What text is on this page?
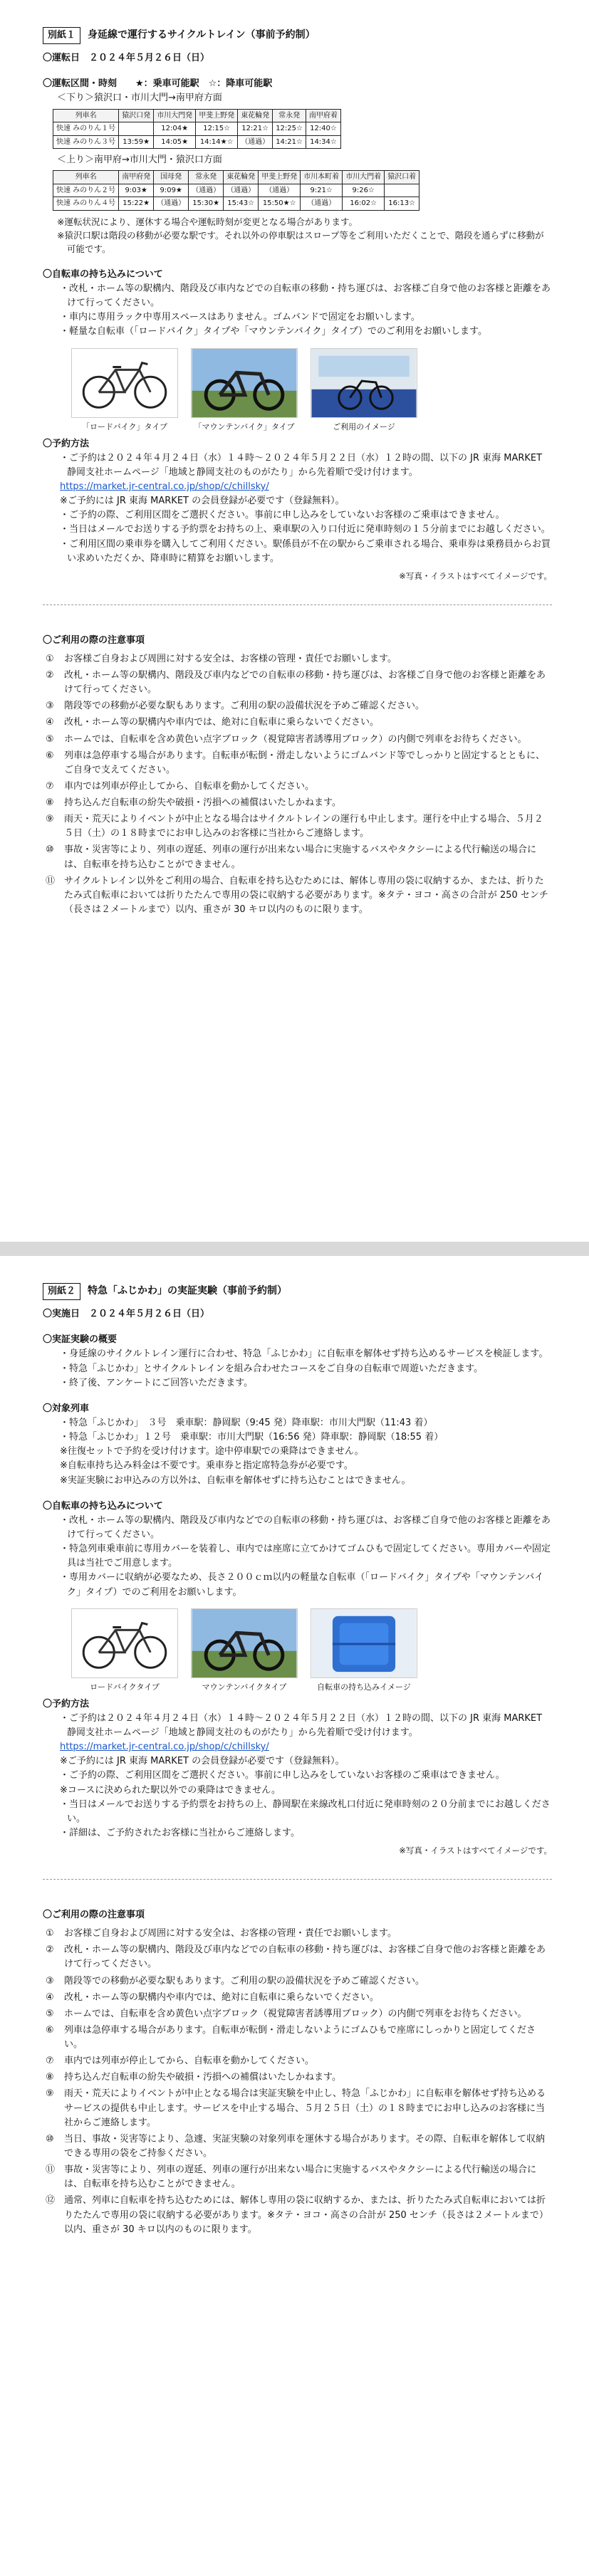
別紙１	身延線で運行するサイクルトレイン（事前予約制）
〇運転日　２０２４年５月２６日（日）
〇運転区間・時刻　　★：乗車可能駅　☆：降車可能駅
＜下り＞猿沢口・市川大門→南甲府方面
列車名	猿沢口発	市川大門発	甲斐上野発	東花輪発	常永発	南甲府着
快速 みのりん１号		12:04★	12:15☆	12:21☆	12:25☆	12:40☆
快速 みのりん３号	13:59★	14:05★	14:14★☆	（通過）	14:21☆	14:34☆
＜上り＞南甲府→市川大門・猿沢口方面
列車名	南甲府発	国母発	常永発	東花輪発	甲斐上野発	市川本町着	市川大門着	猿沢口着
快速 みのりん２号	9:03★	9:09★	（通過）	（通過）	（通過）	9:21☆	9:26☆	
快速 みのりん４号	15:22★	（通過）	15:30★	15:43☆	15:50★☆	（通過）	16:02☆	16:13☆
※運転状況により、運休する場合や運転時刻が変更となる場合があります。
※猿沢口駅は階段の移動が必要な駅です。それ以外の停車駅はスロープ等をご利用いただくことで、階段を通らずに移動が可能です。
〇自転車の持ち込みについて
・改札・ホーム等の駅構内、階段及び車内などでの自転車の移動・持ち運びは、お客様ご自身で他のお客様と距離をあけて行ってください。
・車内に専用ラック中専用スペースはありません。ゴムバンドで固定をお願いします。
・軽量な自転車（「ロードバイク」タイプや「マウンテンバイク」タイプ）でのご利用をお願いします。
「ロードバイク」タイプ	「マウンテンバイク」タイプ	ご利用のイメージ
〇予約方法
・ご予約は２０２４年４月２４日（水）１４時～２０２４年５月２２日（水）１２時の間、以下の JR 東海 MARKET　静岡支社ホームページ「地域と静岡支社のものがたり」から先着順で受け付けます。
https://market.jr-central.co.jp/shop/c/chillsky/
※ご予約には JR 東海 MARKET の会員登録が必要です（登録無料）。
・ご予約の際、ご利用区間をご選択ください。事前に申し込みをしていないお客様のご乗車はできません。
・当日はメールでお送りする予約票をお持ちの上、乗車駅の入り口付近に発車時刻の１５分前までにお越しください。
・ご利用区間の乗車券を購入してご利用ください。駅係員が不在の駅からご乗車される場合、乗車券は乗務員からお買い求めいただくか、降車時に精算をお願いします。
※写真・イラストはすべてイメージです。
〇ご利用の際の注意事項
①	お客様ご自身および周囲に対する安全は、お客様の管理・責任でお願いします。
②	改札・ホーム等の駅構内、階段及び車内などでの自転車の移動・持ち運びは、お客様ご自身で他のお客様と距離をあけて行ってください。
③	階段等での移動が必要な駅もあります。ご利用の駅の設備状況を予めご確認ください。
④	改札・ホーム等の駅構内や車内では、絶対に自転車に乗らないでください。
⑤	ホームでは、自転車を含め黄色い点字ブロック（視覚障害者誘導用ブロック）の内側で列車をお待ちください。
⑥	列車は急停車する場合があります。自転車が転倒・滑走しないようにゴムバンド等でしっかりと固定するとともに、ご自身で支えてください。
⑦	車内では列車が停止してから、自転車を動かしてください。
⑧	持ち込んだ自転車の紛失や破損・汚損への補償はいたしかねます。
⑨	雨天・荒天によりイベントが中止となる場合はサイクルトレインの運行も中止します。運行を中止する場合、５月２５日（土）の１８時までにお申し込みのお客様に当社からご連絡します。
⑩	事故・災害等により、列車の遅延、列車の運行が出来ない場合に実施するバスやタクシーによる代行輸送の場合には、自転車を持ち込むことができません。
⑪ サイクルトレイン以外をご利用の場合、自転車を持ち込むためには、解体し専用の袋に収納するか、または、折りたたみ式自転車においては折りたたんで専用の袋に収納する必要があります。※タテ・ヨコ・高さの合計が 250 センチ（長さは２メートルまで）以内、重さが 30 キロ以内のものに限ります。
別紙２	特急「ふじかわ」の実証実験（事前予約制）
〇実施日　２０２４年５月２６日（日）
〇実証実験の概要
・身延線のサイクルトレイン運行に合わせ、特急「ふじかわ」に自転車を解体せず持ち込めるサービスを検証します。
・特急「ふじかわ」とサイクルトレインを組み合わせたコースをご自身の自転車で周遊いただきます。
・終了後、アンケートにご回答いただきます。
〇対象列車
・特急「ふじかわ」　３号　乗車駅：静岡駅（9:45 発）降車駅：市川大門駅（11:43 着）
・特急「ふじかわ」１２号　乗車駅：市川大門駅（16:56 発）降車駅：静岡駅（18:55 着）
※往復セットで予約を受け付けます。途中停車駅での乗降はできません。
※自転車持ち込み料金は不要です。乗車券と指定席特急券が必要です。
※実証実験にお申込みの方以外は、自転車を解体せずに持ち込むことはできません。
〇自転車の持ち込みについて
・改札・ホーム等の駅構内、階段及び車内などでの自転車の移動・持ち運びは、お客様ご自身で他のお客様と距離をあけて行ってください。
・特急列車乗車前に専用カバーを装着し、車内では座席に立てかけてゴムひもで固定してください。専用カバーや固定具は当社でご用意します。
・専用カバーに収納が必要なため、長さ２００ｃｍ以内の軽量な自転車（「ロードバイク」タイプや「マウンテンバイク」タイプ）でのご利用をお願いします。
ロードバイクタイプ	マウンテンバイクタイプ	自転車の持ち込みイメージ
〇予約方法
・ご予約は２０２４年４月２４日（水）１４時～２０２４年５月２２日（水）１２時の間、以下の JR 東海 MARKET　静岡支社ホームページ「地域と静岡支社のものがたり」から先着順で受け付けます。
https://market.jr-central.co.jp/shop/c/chillsky/
※ご予約には JR 東海 MARKET の会員登録が必要です（登録無料）。
・ご予約の際、ご利用区間をご選択ください。事前に申し込みをしていないお客様のご乗車はできません。
※コースに決められた駅以外での乗降はできません。
・当日はメールでお送りする予約票をお持ちの上、静岡駅在来線改札口付近に発車時刻の２０分前までにお越しください。
・詳細は、ご予約されたお客様に当社からご連絡します。
※写真・イラストはすべてイメージです。
〇ご利用の際の注意事項
①	お客様ご自身および周囲に対する安全は、お客様の管理・責任でお願いします。
②	改札・ホーム等の駅構内、階段及び車内などでの自転車の移動・持ち運びは、お客様ご自身で他のお客様と距離をあけて行ってください。
③	階段等での移動が必要な駅もあります。ご利用の駅の設備状況を予めご確認ください。
④	改札・ホーム等の駅構内や車内では、絶対に自転車に乗らないでください。
⑤	ホームでは、自転車を含め黄色い点字ブロック（視覚障害者誘導用ブロック）の内側で列車をお待ちください。
⑥	列車は急停車する場合があります。自転車が転倒・滑走しないようにゴムひもで座席にしっかりと固定してください。
⑦	車内では列車が停止してから、自転車を動かしてください。
⑧	持ち込んだ自転車の紛失や破損・汚損への補償はいたしかねます。
⑨	雨天・荒天によりイベントが中止となる場合は実証実験を中止し、特急「ふじかわ」に自転車を解体せず持ち込めるサービスの提供も中止します。サービスを中止する場合、５月２５日（土）の１８時までにお申し込みのお客様に当社からご連絡します。
⑩	当日、事故・災害等により、急遽、実証実験の対象列車を運休する場合があります。その際、自転車を解体して収納できる専用の袋をご持参ください。
⑪ 事故・災害等により、列車の遅延、列車の運行が出来ない場合に実施するバスやタクシーによる代行輸送の場合には、自転車を持ち込むことができません。
⑫ 通常、列車に自転車を持ち込むためには、解体し専用の袋に収納するか、または、折りたたみ式自転車においては折りたたんで専用の袋に収納する必要があります。※タテ・ヨコ・高さの合計が 250 センチ（長さは２メートルまで）以内、重さが 30 キロ以内のものに限ります。
